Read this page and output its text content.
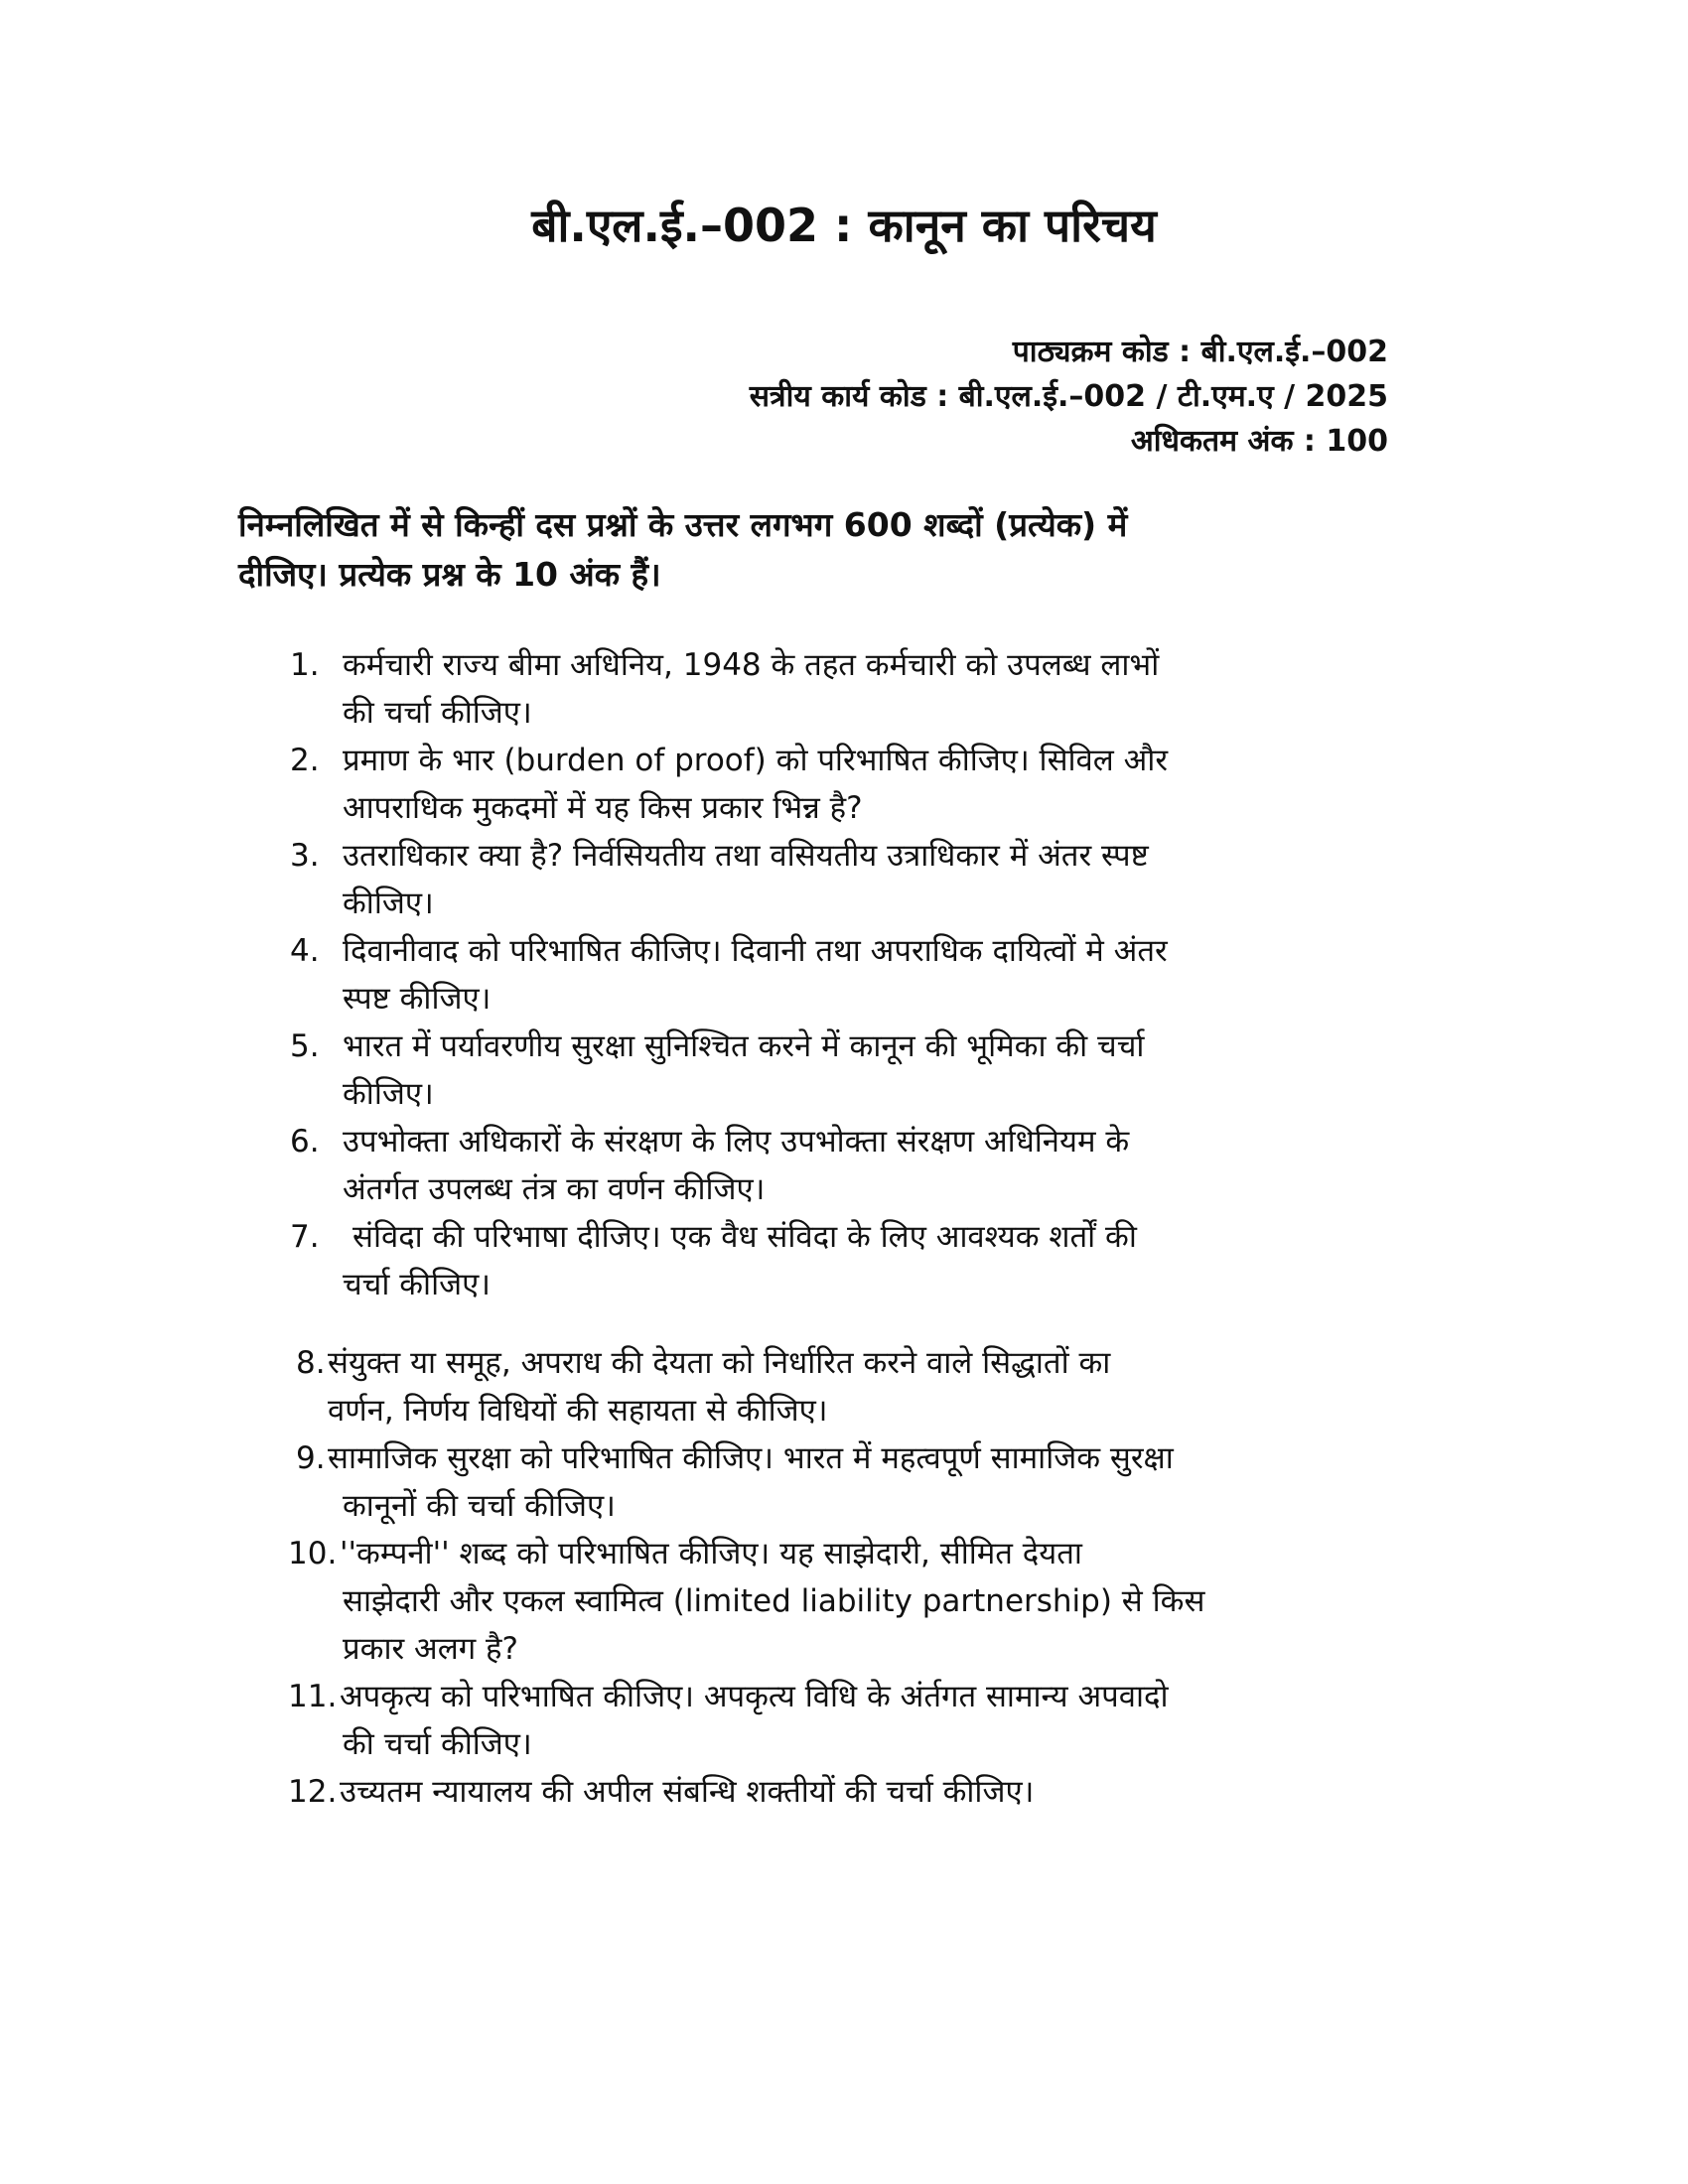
बी.एल.ई.–002 : कानून का परिचय
पाठ्यक्रम कोड : बी.एल.ई.–002
सत्रीय कार्य कोड : बी.एल.ई.–002 / टी.एम.ए / 2025
अधिकतम अंक : 100
निम्नलिखित में से किन्हीं दस प्रश्नों के उत्तर लगभग 600 शब्दों (प्रत्येक) में
दीजिए। प्रत्येक प्रश्न के 10 अंक हैं।
1. कर्मचारी राज्य बीमा अधिनिय, 1948 के तहत कर्मचारी को उपलब्ध लाभों
की चर्चा कीजिए।
2. प्रमाण के भार (burden of proof) को परिभाषित कीजिए। सिविल और
आपराधिक मुकदमों में यह किस प्रकार भिन्न है?
3. उतराधिकार क्या है? निर्वसियतीय तथा वसियतीय उत्राधिकार में अंतर स्पष्ट
कीजिए।
4. दिवानीवाद को परिभाषित कीजिए। दिवानी तथा अपराधिक दायित्वों मे अंतर
स्पष्ट कीजिए।
5. भारत में पर्यावरणीय सुरक्षा सुनिश्चित करने में कानून की भूमिका की चर्चा
कीजिए।
6. उपभोक्ता अधिकारों के संरक्षण के लिए उपभोक्ता संरक्षण अधिनियम के
अंतर्गत उपलब्ध तंत्र का वर्णन कीजिए।
7. संविदा की परिभाषा दीजिए। एक वैध संविदा के लिए आवश्यक शर्तों की
चर्चा कीजिए।
8. संयुक्त या समूह, अपराध की देयता को निर्धारित करने वाले सिद्धातों का
वर्णन, निर्णय विधियों की सहायता से कीजिए।
9. सामाजिक सुरक्षा को परिभाषित कीजिए। भारत में महत्वपूर्ण सामाजिक सुरक्षा
कानूनों की चर्चा कीजिए।
10. ''कम्पनी'' शब्द को परिभाषित कीजिए। यह साझेदारी, सीमित देयता
साझेदारी और एकल स्वामित्व (limited liability partnership) से किस
प्रकार अलग है?
11. अपकृत्य को परिभाषित कीजिए। अपकृत्य विधि के अंर्तगत सामान्य अपवादो
की चर्चा कीजिए।
12. उच्यतम न्यायालय की अपील संबन्धि शक्तीयों की चर्चा कीजिए।
